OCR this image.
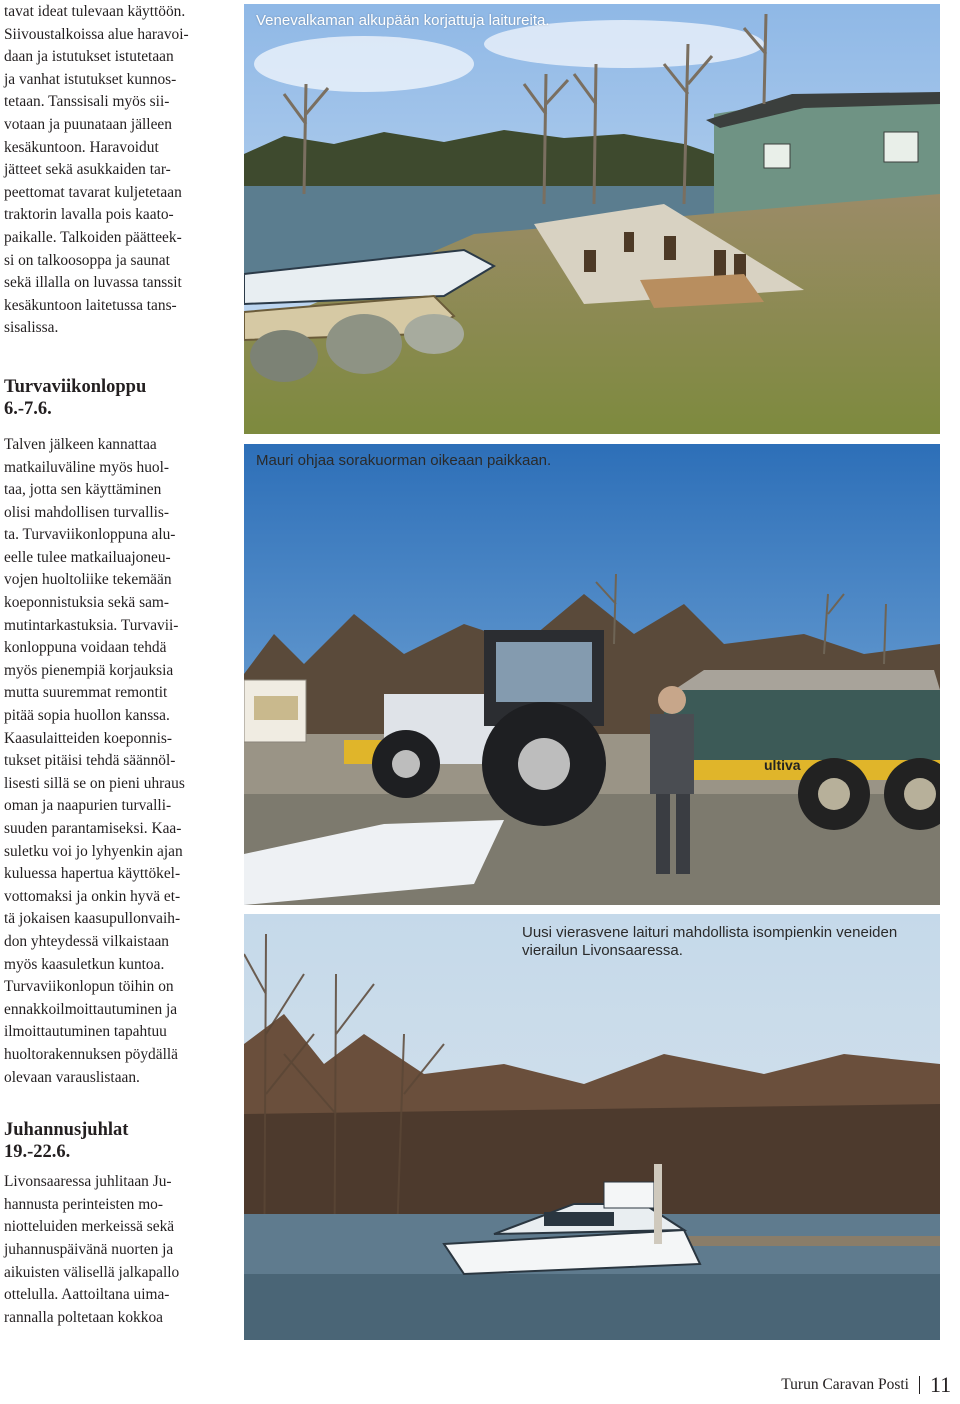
tavat ideat tulevaan käyttöön.
Siivoustalkoissa alue haravoi-
daan ja istutukset istutetaan
ja vanhat istutukset kunnos-
tetaan. Tanssisali myös sii-
votaan ja puunataan jälleen
kesäkuntoon. Haravoidut
jätteet sekä asukkaiden tar-
peettomat tavarat kuljetetaan
traktorin lavalla pois kaato-
paikalle. Talkoiden päätteek-
si on talkoosoppa ja saunat
sekä illalla on luvassa tanssit
kesäkuntoon laitetussa tans-
sisalissa.

Turvaviikonloppu

6.-7.6.

Talven jälkeen kannattaa
matkailuväline myös huol-
taa, jotta sen käyttäminen
olisi mahdollisen turvallis-
ta. Turvaviikonloppuna alu-
eelle tulee matkailuajoneu-
vojen huoltoliike tekemään
koeponnistuksia sekä sam-
mutintarkastuksia. Turvavii-
konloppuna voidaan tehdä
myös pienempiä korjauksia
mutta suuremmat remontit
pitää sopia huollon kanssa.
Kaasulaitteiden koeponnis-
tukset pitäisi tehdä säännöl-
lisesti sillä se on pieni uhraus
oman ja naapurien turvalli-
suuden parantamiseksi. Kaa-
suletku voi jo lyhyenkin ajan
kuluessa hapertua käyttökel-
vottomaksi ja onkin hyvä et-
tä jokaisen kaasupullonvaih-
don yhteydessä vilkaistaan
myös kaasuletkun kuntoa.
Turvaviikonlopun töihin on
ennakkoilmoittautuminen ja
ilmoittautuminen tapahtuu
huoltorakennuksen pöydällä
olevaan varauslistaan.

Juhannusjuhlat

19.-22.6.

Livonsaaressa juhlitaan Ju-
hannusta perinteisten mo-
niotteluiden merkeissä sekä
juhannuspäivänä nuorten ja
aikuisten välisellä jalkapallo
ottelulla. Aattoiltana uima-
rannalla poltetaan kokkoa

Venevalkaman alkupään korjattuja laitureita.
ultiva
Mauri ohjaa sorakuorman oikeaan paikkaan.
Uusi vierasvene laituri mahdollista isompienkin veneiden vierailun Livonsaaressa.
Turun Caravan Posti 11
